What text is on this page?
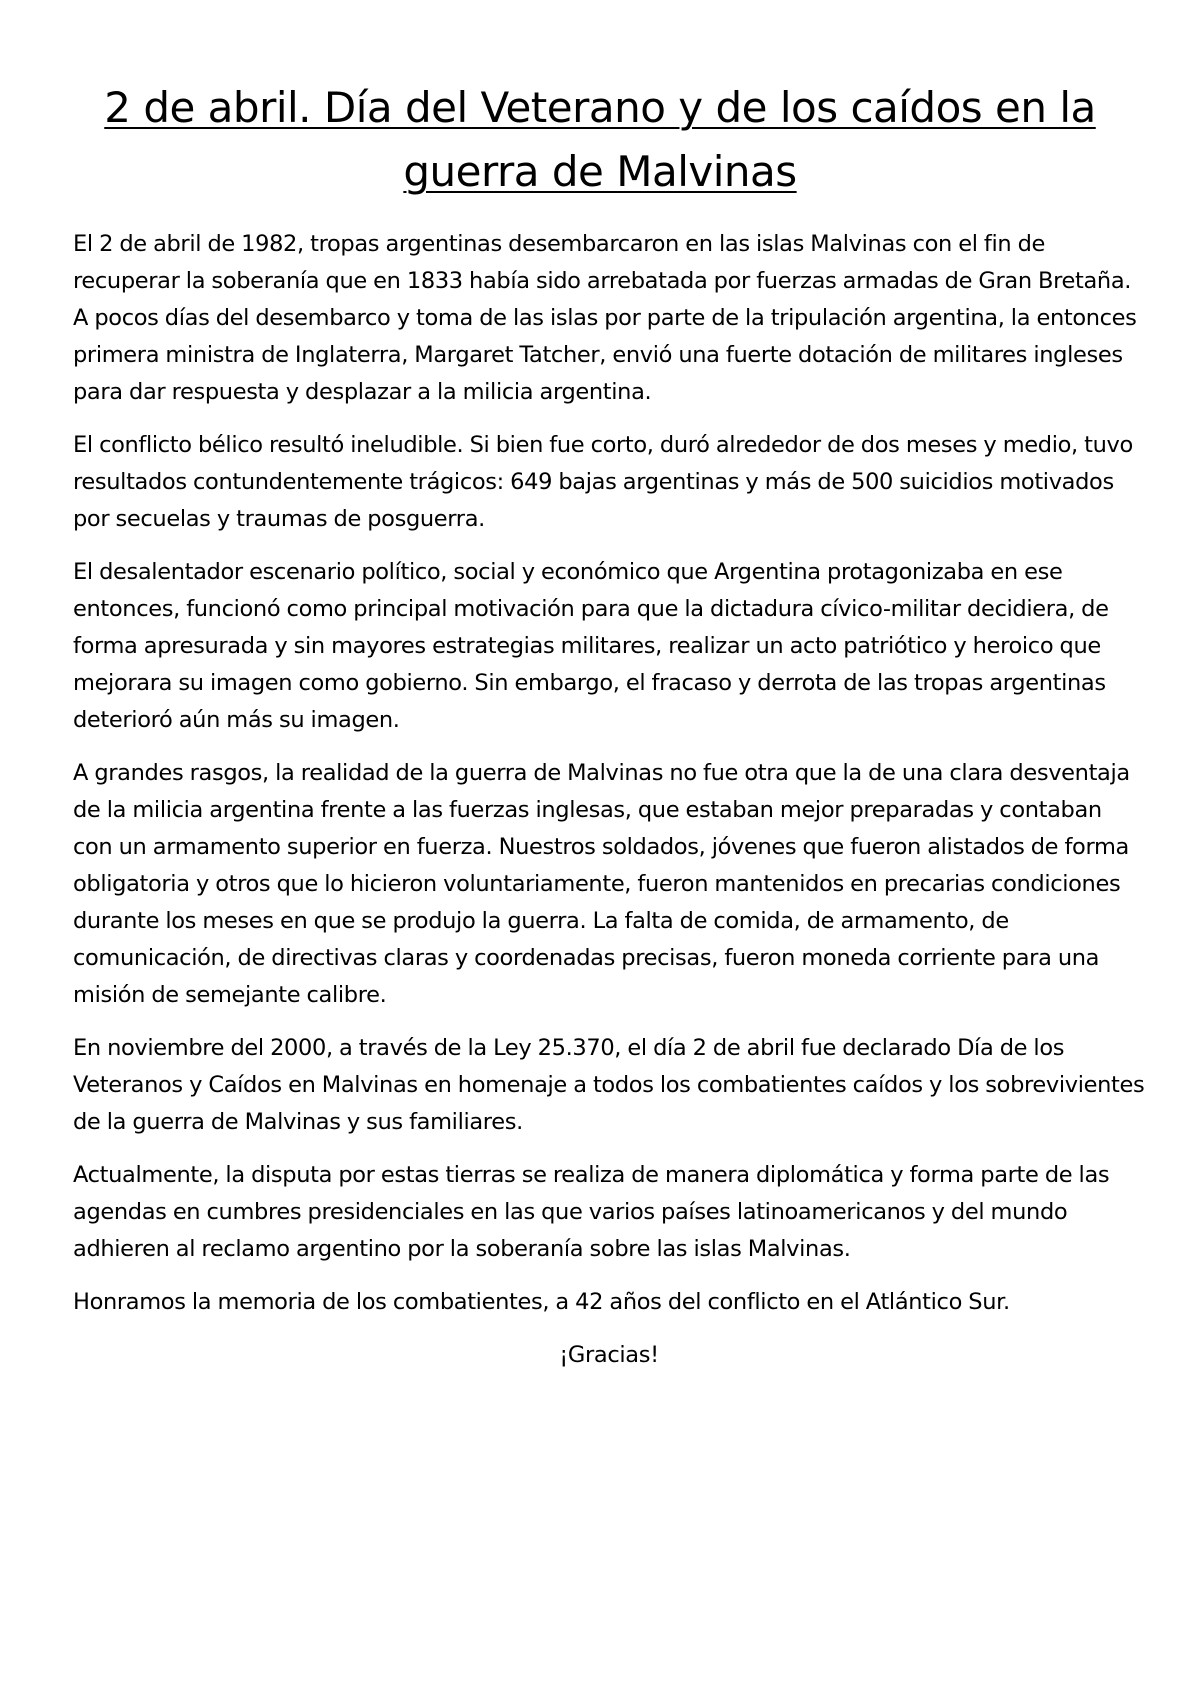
2 de abril. Día del Veterano y de los caídos en la guerra de Malvinas

El 2 de abril de 1982, tropas argentinas desembarcaron en las islas Malvinas con el fin de recuperar la soberanía que en 1833 había sido arrebatada por fuerzas armadas de Gran Bretaña. A pocos días del desembarco y toma de las islas por parte de la tripulación argentina, la entonces primera ministra de Inglaterra, Margaret Tatcher, envió una fuerte dotación de militares ingleses para dar respuesta y desplazar a la milicia argentina.

El conflicto bélico resultó ineludible. Si bien fue corto, duró alrededor de dos meses y medio, tuvo resultados contundentemente trágicos: 649 bajas argentinas y más de 500 suicidios motivados por secuelas y traumas de posguerra.

El desalentador escenario político, social y económico que Argentina protagonizaba en ese entonces, funcionó como principal motivación para que la dictadura cívico-militar decidiera, de forma apresurada y sin mayores estrategias militares, realizar un acto patriótico y heroico que mejorara su imagen como gobierno. Sin embargo, el fracaso y derrota de las tropas argentinas deterioró aún más su imagen.

A grandes rasgos, la realidad de la guerra de Malvinas no fue otra que la de una clara desventaja de la milicia argentina frente a las fuerzas inglesas, que estaban mejor preparadas y contaban con un armamento superior en fuerza. Nuestros soldados, jóvenes que fueron alistados de forma obligatoria y otros que lo hicieron voluntariamente, fueron mantenidos en precarias condiciones durante los meses en que se produjo la guerra. La falta de comida, de armamento, de comunicación, de directivas claras y coordenadas precisas, fueron moneda corriente para una misión de semejante calibre.

En noviembre del 2000, a través de la Ley 25.370, el día 2 de abril fue declarado Día de los Veteranos y Caídos en Malvinas en homenaje a todos los combatientes caídos y los sobrevivientes de la guerra de Malvinas y sus familiares.

Actualmente, la disputa por estas tierras se realiza de manera diplomática y forma parte de las agendas en cumbres presidenciales en las que varios países latinoamericanos y del mundo adhieren al reclamo argentino por la soberanía sobre las islas Malvinas.

Honramos la memoria de los combatientes, a 42 años del conflicto en el Atlántico Sur.

¡Gracias!
